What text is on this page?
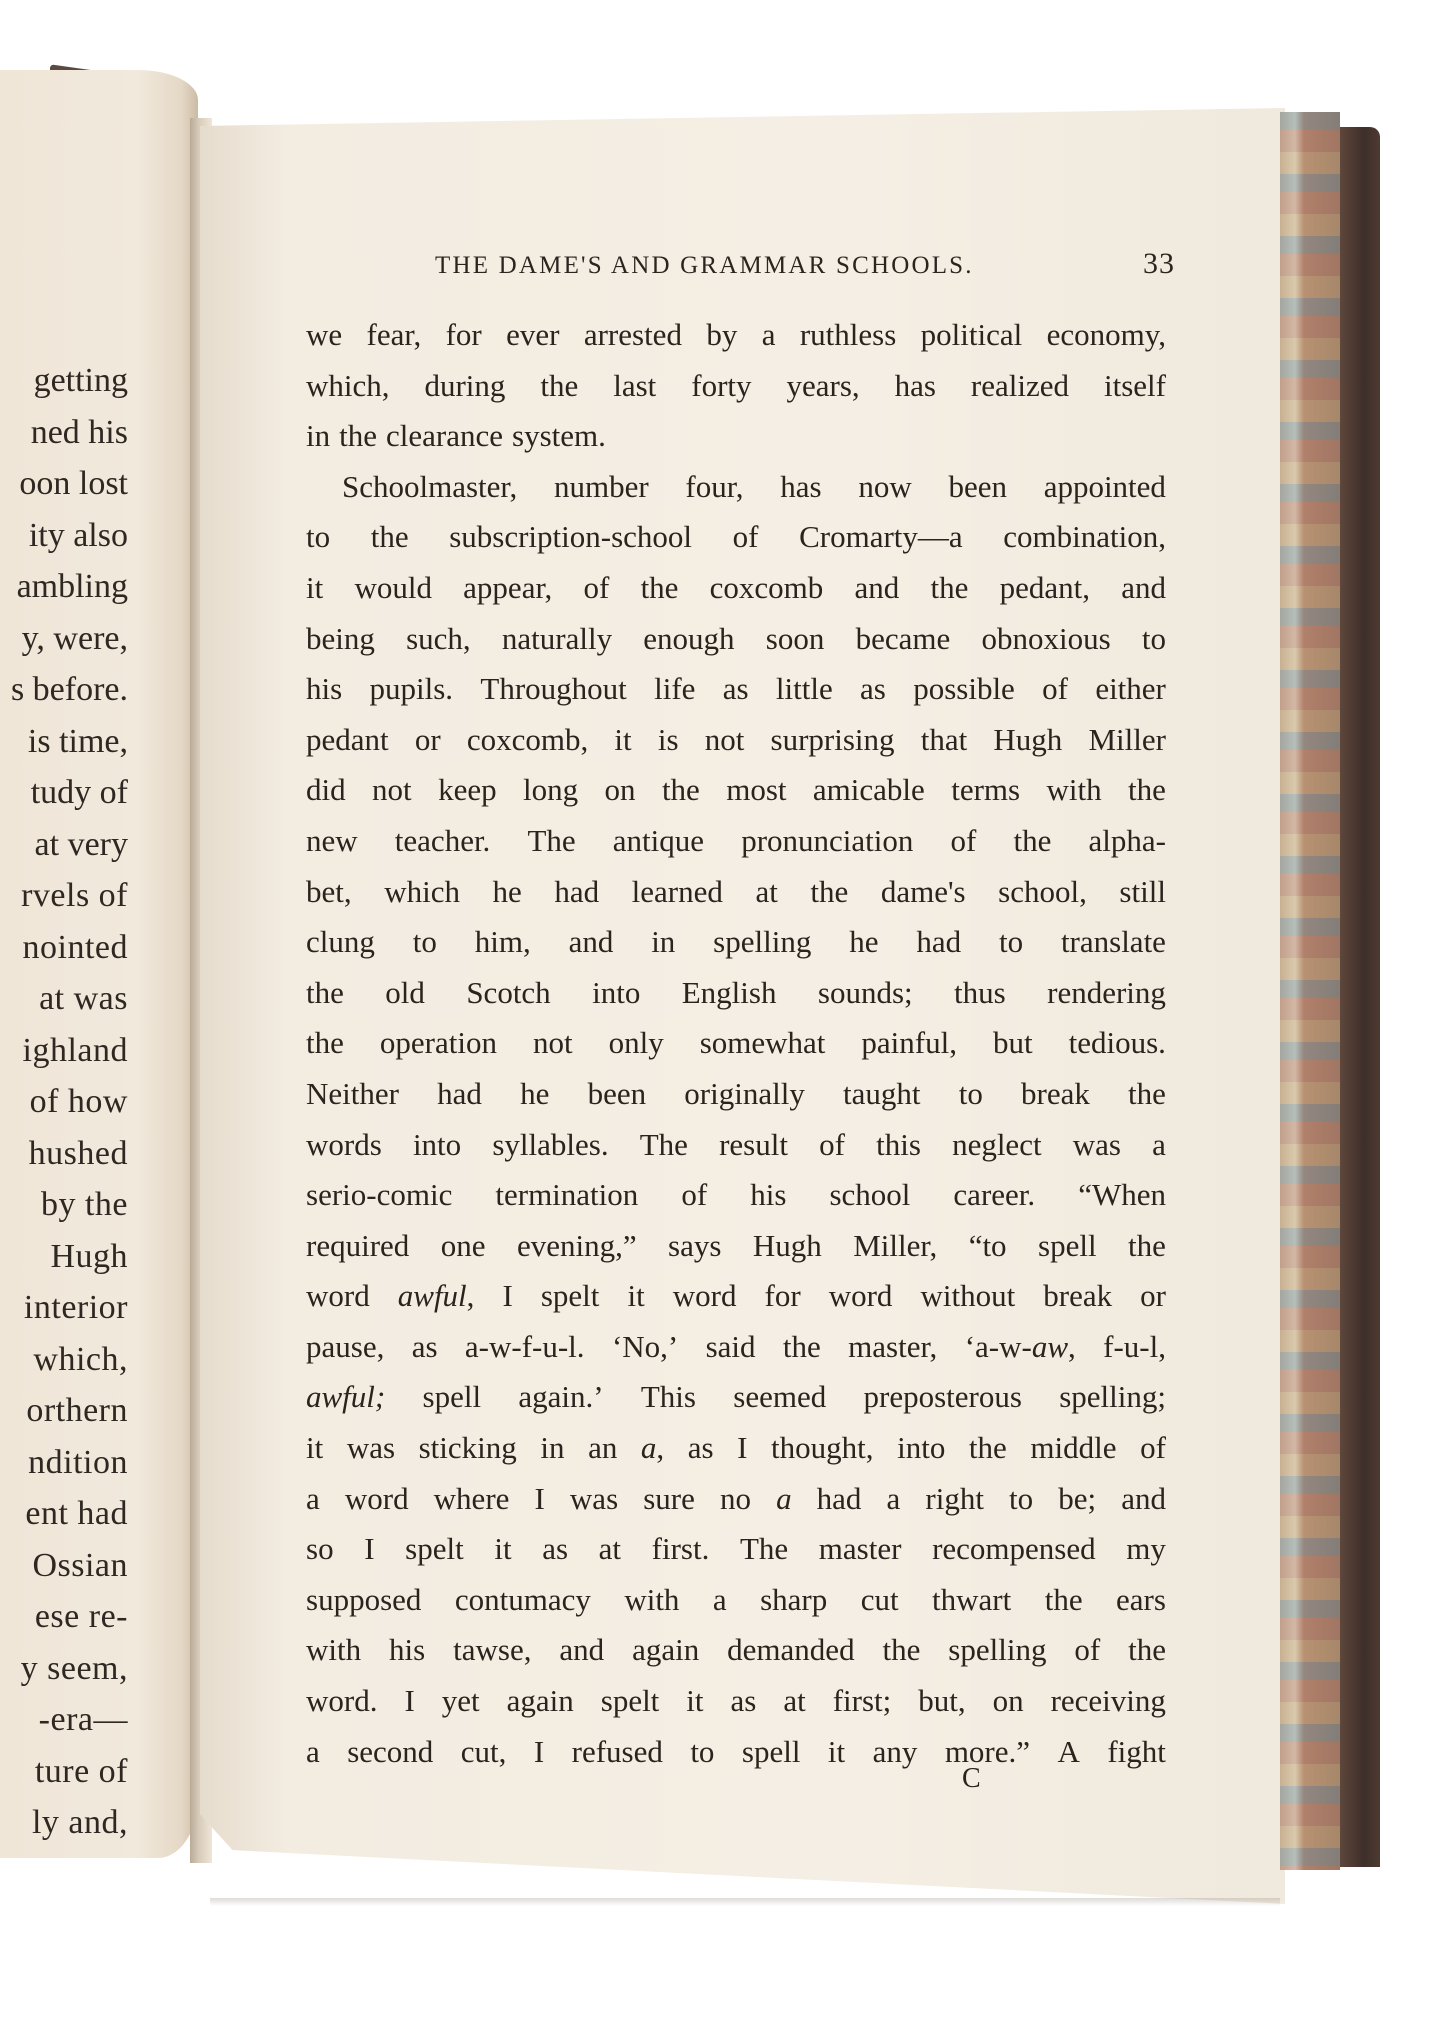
getting
ned his
oon lost
ity also
ambling
y, were,
s before.
is time,
tudy of
at very
rvels of
nointed
at was
ighland
of how
hushed
by the
Hugh
interior
which,
orthern
ndition
ent had
Ossian
ese re-
y seem,
-era—
ture of
ly and,
THE DAME'S AND GRAMMAR SCHOOLS.	33
we fear, for ever arrested by a ruthless political economy,
which, during the last forty years, has realized itself
in the clearance system.
Schoolmaster, number four, has now been appointed
to the subscription-school of Cromarty—a combination,
it would appear, of the coxcomb and the pedant, and
being such, naturally enough soon became obnoxious to
his pupils. Throughout life as little as possible of either
pedant or coxcomb, it is not surprising that Hugh Miller
did not keep long on the most amicable terms with the
new teacher. The antique pronunciation of the alpha-
bet, which he had learned at the dame's school, still
clung to him, and in spelling he had to translate
the old Scotch into English sounds; thus rendering
the operation not only somewhat painful, but tedious.
Neither had he been originally taught to break the
words into syllables. The result of this neglect was a
serio-comic termination of his school career. “When
required one evening,” says Hugh Miller, “to spell the
word awful, I spelt it word for word without break or
pause, as a-w-f-u-l. ‘No,’ said the master, ‘a-w-aw, f-u-l,
awful; spell again.’ This seemed preposterous spelling;
it was sticking in an a, as I thought, into the middle of
a word where I was sure no a had a right to be; and
so I spelt it as at first. The master recompensed my
supposed contumacy with a sharp cut thwart the ears
with his tawse, and again demanded the spelling of the
word. I yet again spelt it as at first; but, on receiving
a second cut, I refused to spell it any more.” A fight
C
